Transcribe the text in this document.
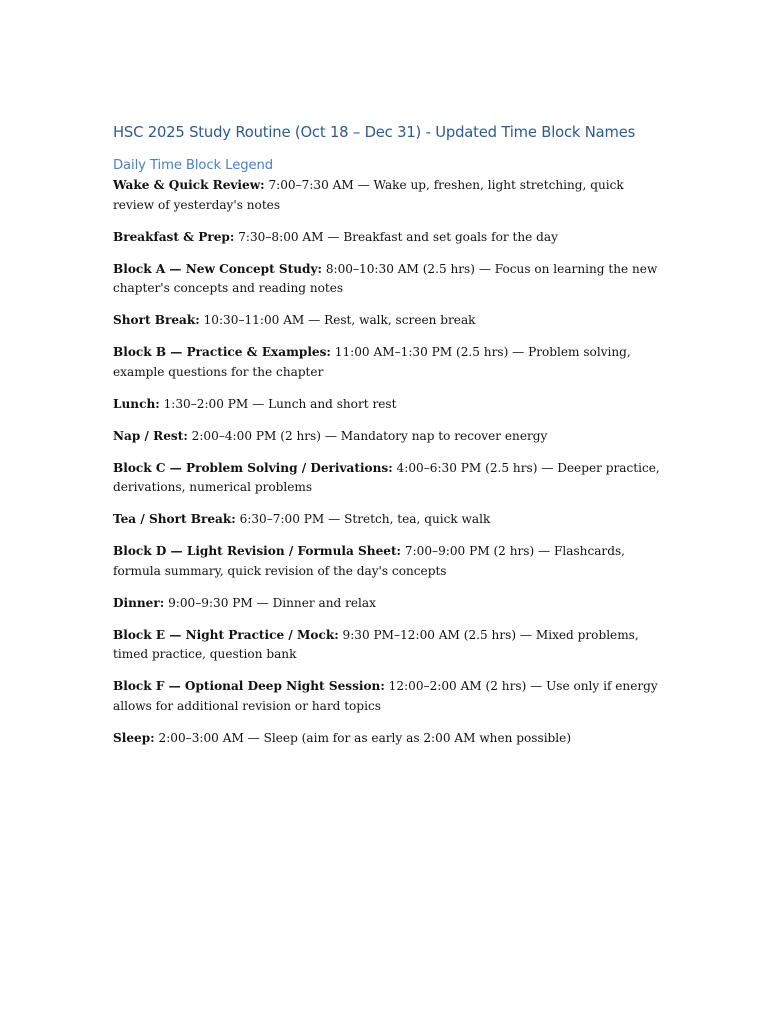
HSC 2025 Study Routine (Oct 18 – Dec 31) - Updated Time Block Names
Daily Time Block Legend

Wake & Quick Review: 7:00–7:30 AM — Wake up, freshen, light stretching, quick review of yesterday's notes

Breakfast & Prep: 7:30–8:00 AM — Breakfast and set goals for the day

Block A — New Concept Study: 8:00–10:30 AM (2.5 hrs) — Focus on learning the new chapter's concepts and reading notes

Short Break: 10:30–11:00 AM — Rest, walk, screen break

Block B — Practice & Examples: 11:00 AM–1:30 PM (2.5 hrs) — Problem solving, example questions for the chapter

Lunch: 1:30–2:00 PM — Lunch and short rest

Nap / Rest: 2:00–4:00 PM (2 hrs) — Mandatory nap to recover energy

Block C — Problem Solving / Derivations: 4:00–6:30 PM (2.5 hrs) — Deeper practice, derivations, numerical problems

Tea / Short Break: 6:30–7:00 PM — Stretch, tea, quick walk

Block D — Light Revision / Formula Sheet: 7:00–9:00 PM (2 hrs) — Flashcards, formula summary, quick revision of the day's concepts

Dinner: 9:00–9:30 PM — Dinner and relax

Block E — Night Practice / Mock: 9:30 PM–12:00 AM (2.5 hrs) — Mixed problems, timed practice, question bank

Block F — Optional Deep Night Session: 12:00–2:00 AM (2 hrs) — Use only if energy allows for additional revision or hard topics

Sleep: 2:00–3:00 AM — Sleep (aim for as early as 2:00 AM when possible)
